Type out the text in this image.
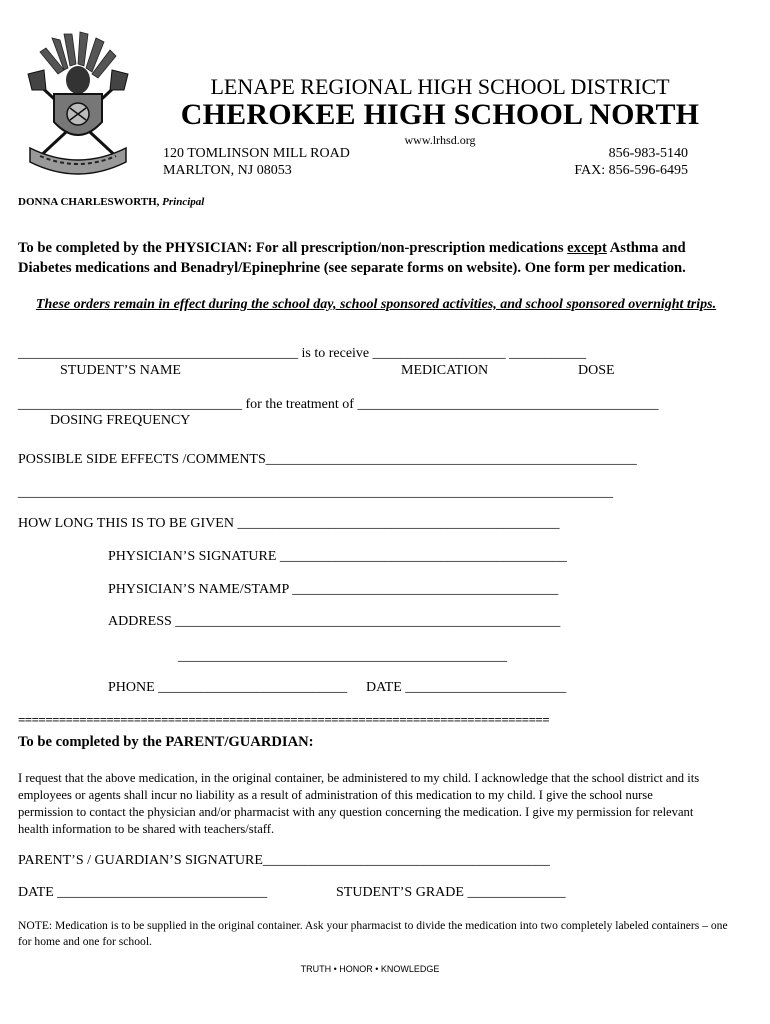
LENAPE REGIONAL HIGH SCHOOL DISTRICT
CHEROKEE HIGH SCHOOL NORTH
www.lrhsd.org
120 TOMLINSON MILL ROAD
MARLTON, NJ 08053
856-983-5140
FAX: 856-596-6495
DONNA CHARLESWORTH, Principal
To be completed by the PHYSICIAN: For all prescription/non-prescription medications except Asthma and
Diabetes medications and Benadryl/Epinephrine (see separate forms on website). One form per medication.
These orders remain in effect during the school day, school sponsored activities, and school sponsored overnight trips.
________________________________________ is to receive ___________________ ___________
STUDENT’S NAME	MEDICATION	DOSE
________________________________ for the treatment of ___________________________________________
DOSING FREQUENCY
POSSIBLE SIDE EFFECTS /COMMENTS_____________________________________________________
_____________________________________________________________________________________
HOW LONG THIS IS TO BE GIVEN ______________________________________________
PHYSICIAN’S SIGNATURE _________________________________________
PHYSICIAN’S NAME/STAMP ______________________________________
ADDRESS _______________________________________________________
_______________________________________________
PHONE ___________________________ DATE _______________________
==============================================================================
To be completed by the PARENT/GUARDIAN:
I request that the above medication, in the original container, be administered to my child. I acknowledge that the school district and its employees or agents shall incur no liability as a result of administration of this medication to my child. I give the school nurse permission to contact the physician and/or pharmacist with any question concerning the medication. I give my permission for relevant health information to be shared with teachers/staff.
PARENT’S / GUARDIAN’S SIGNATURE_________________________________________
DATE ______________________________	STUDENT’S GRADE ______________
NOTE: Medication is to be supplied in the original container. Ask your pharmacist to divide the medication into two completely labeled containers – one for home and one for school.
TRUTH • HONOR • KNOWLEDGE
